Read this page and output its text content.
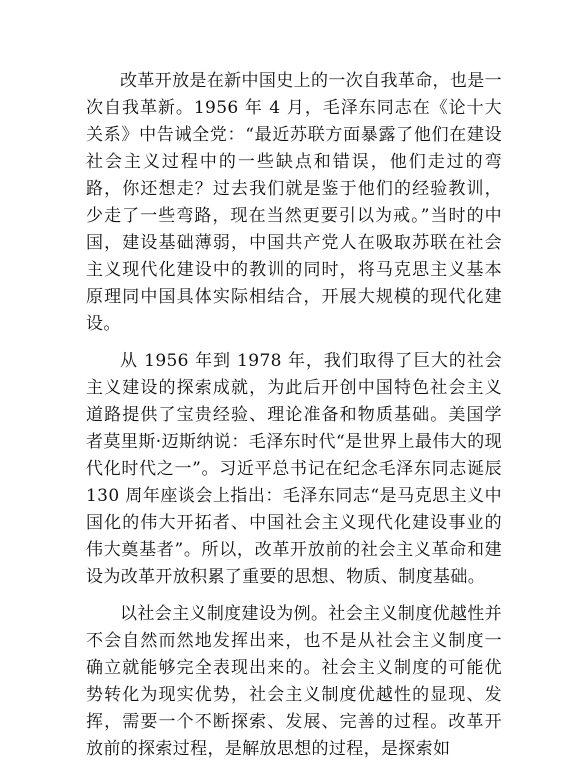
改革开放是在新中国史上的一次自我革命，也是一次自我革新。1956 年 4 月，毛泽东同志在《论十大关系》中告诫全党：“最近苏联方面暴露了他们在建设社会主义过程中的一些缺点和错误，他们走过的弯路，你还想走？过去我们就是鉴于他们的经验教训，少走了一些弯路，现在当然更要引以为戒。”当时的中国，建设基础薄弱，中国共产党人在吸取苏联在社会主义现代化建设中的教训的同时，将马克思主义基本原理同中国具体实际相结合，开展大规模的现代化建设。

从 1956 年到 1978 年，我们取得了巨大的社会主义建设的探索成就，为此后开创中国特色社会主义道路提供了宝贵经验、理论准备和物质基础。美国学者莫里斯·迈斯纳说：毛泽东时代“是世界上最伟大的现代化时代之一”。习近平总书记在纪念毛泽东同志诞辰 130 周年座谈会上指出：毛泽东同志“是马克思主义中国化的伟大开拓者、中国社会主义现代化建设事业的伟大奠基者”。所以，改革开放前的社会主义革命和建设为改革开放积累了重要的思想、物质、制度基础。

以社会主义制度建设为例。社会主义制度优越性并不会自然而然地发挥出来，也不是从社会主义制度一确立就能够完全表现出来的。社会主义制度的可能优势转化为现实优势，社会主义制度优越性的显现、发挥，需要一个不断探索、发展、完善的过程。改革开放前的探索过程，是解放思想的过程，是探索如
